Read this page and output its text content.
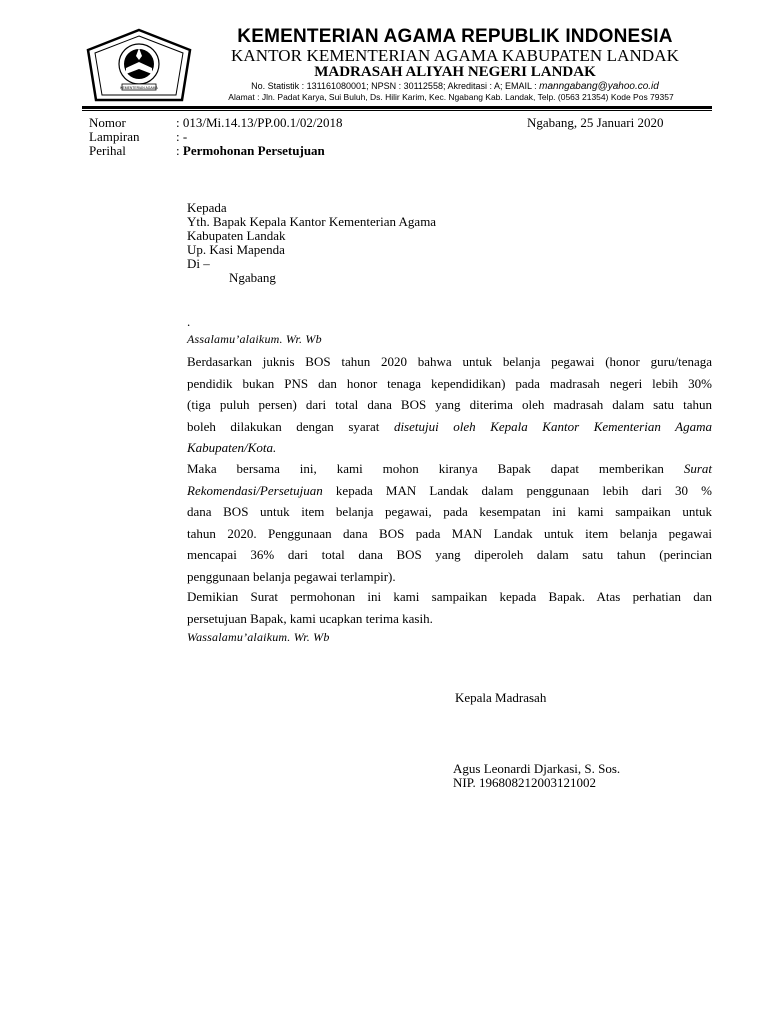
KEMENTERIAN AGAMA
KEMENTERIAN AGAMA REPUBLIK INDONESIA
KANTOR KEMENTERIAN AGAMA KABUPATEN LANDAK
MADRASAH ALIYAH NEGERI LANDAK
No. Statistik : 131161080001; NPSN : 30112558; Akreditasi : A; EMAIL : manngabang@yahoo.co.id
Alamat : Jln. Padat Karya, Sui Buluh, Ds. Hilir Karim, Kec. Ngabang Kab. Landak, Telp. (0563 21354) Kode Pos 79357
Nomor	: 013/Mi.14.13/PP.00.1/02/2018	Ngabang, 25 Januari 2020
Lampiran	: -
Perihal	: Permohonan Persetujuan
Kepada
Yth. Bapak Kepala Kantor Kementerian Agama
Kabupaten Landak
Up. Kasi Mapenda
Di –
Ngabang
.
Assalamu’alaikum. Wr. Wb
Berdasarkan juknis BOS tahun 2020 bahwa untuk belanja pegawai (honor guru/tenaga
pendidik bukan PNS dan honor tenaga kependidikan) pada madrasah negeri lebih 30%
(tiga puluh persen) dari total dana BOS yang diterima oleh madrasah dalam satu tahun
boleh dilakukan dengan syarat disetujui oleh Kepala Kantor Kementerian Agama
Kabupaten/Kota.
Maka bersama ini, kami mohon kiranya Bapak dapat memberikan Surat
Rekomendasi/Persetujuan kepada MAN Landak dalam penggunaan lebih dari 30 %
dana BOS untuk item belanja pegawai, pada kesempatan ini kami sampaikan untuk
tahun 2020. Penggunaan dana BOS pada MAN Landak untuk item belanja pegawai
mencapai 36% dari total dana BOS yang diperoleh dalam satu tahun (perincian
penggunaan belanja pegawai terlampir).
Demikian Surat permohonan ini kami sampaikan kepada Bapak. Atas perhatian dan
persetujuan Bapak, kami ucapkan terima kasih.
Wassalamu’alaikum. Wr. Wb
Kepala Madrasah
Agus Leonardi Djarkasi, S. Sos.
NIP. 196808212003121002
